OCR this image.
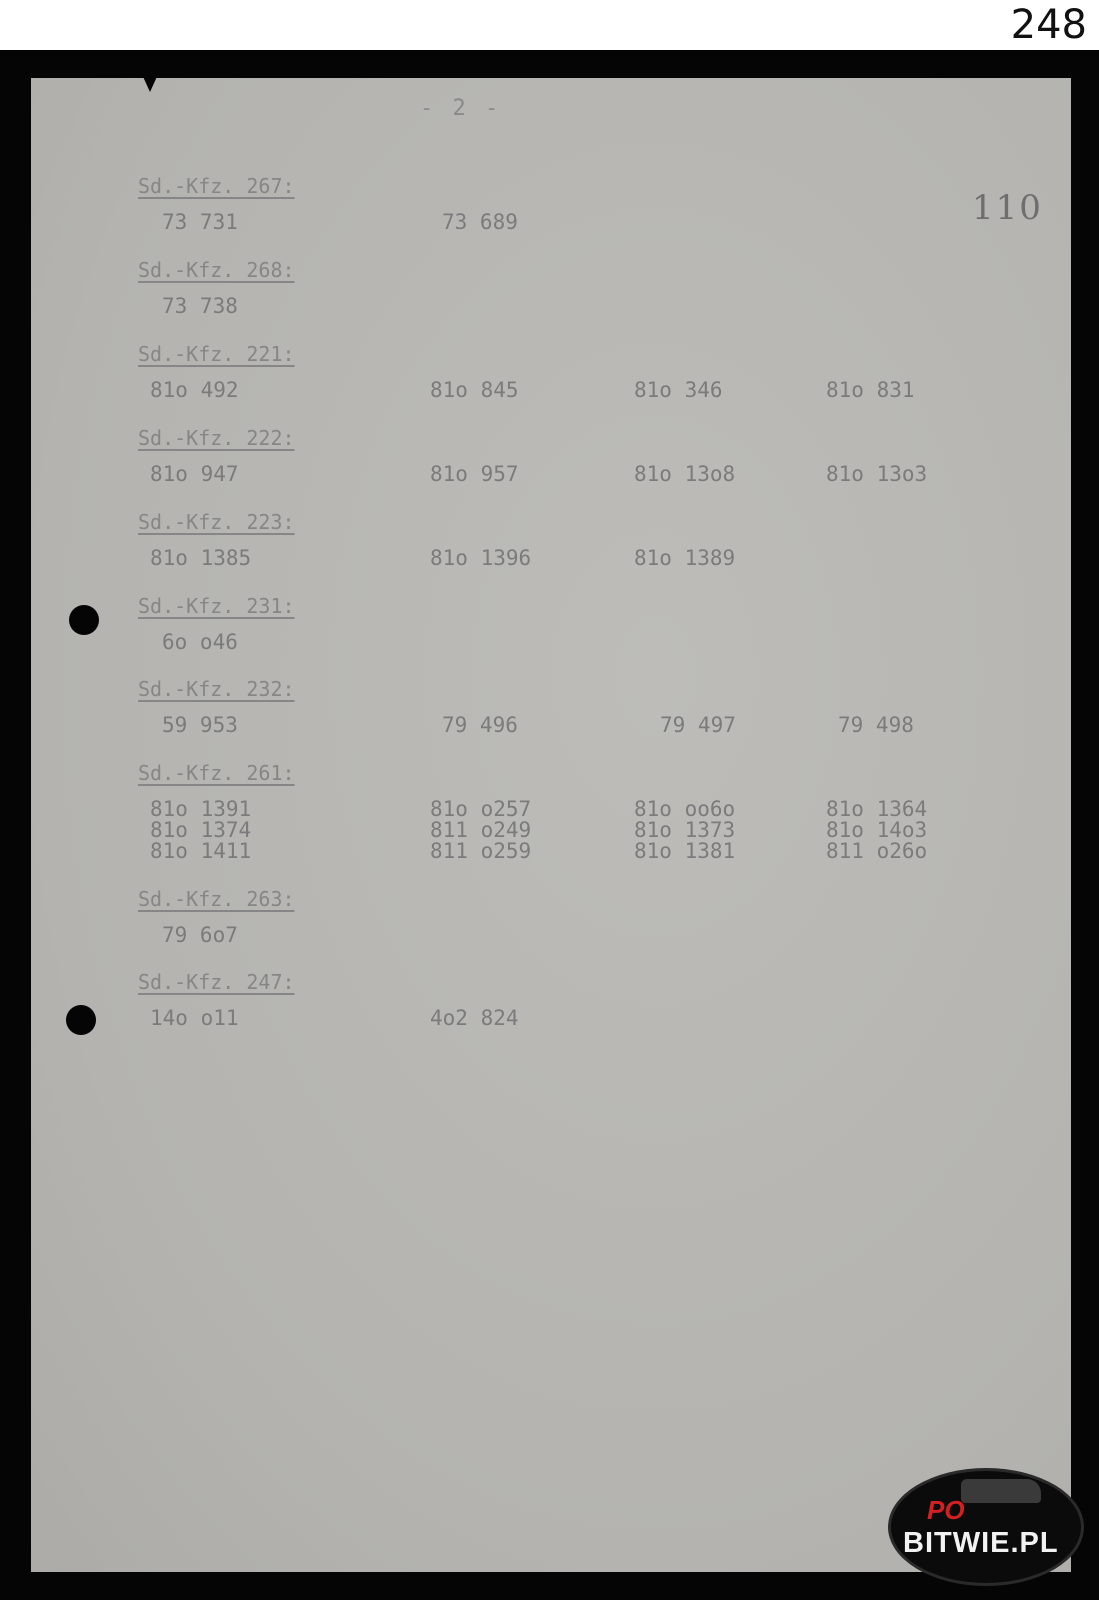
248
- 2 -
110
Sd.-Kfz. 267:
73 731	73 689
Sd.-Kfz. 268:
73 738
Sd.-Kfz. 221:
81o 492	81o 845	81o 346	81o 831
Sd.-Kfz. 222:
81o 947	81o 957	81o 13o8	81o 13o3
Sd.-Kfz. 223:
81o 1385	81o 1396	81o 1389
Sd.-Kfz. 231:
6o o46
Sd.-Kfz. 232:
59 953	79 496	79 497	79 498
Sd.-Kfz. 261:
81o 1391	81o o257	81o oo6o	81o 1364
81o 1374	811 o249	81o 1373	81o 14o3
81o 1411	811 o259	81o 1381	811 o26o
Sd.-Kfz. 263:
79 6o7
Sd.-Kfz. 247:
14o o11	4o2 824
PO
BITWIE.PL
